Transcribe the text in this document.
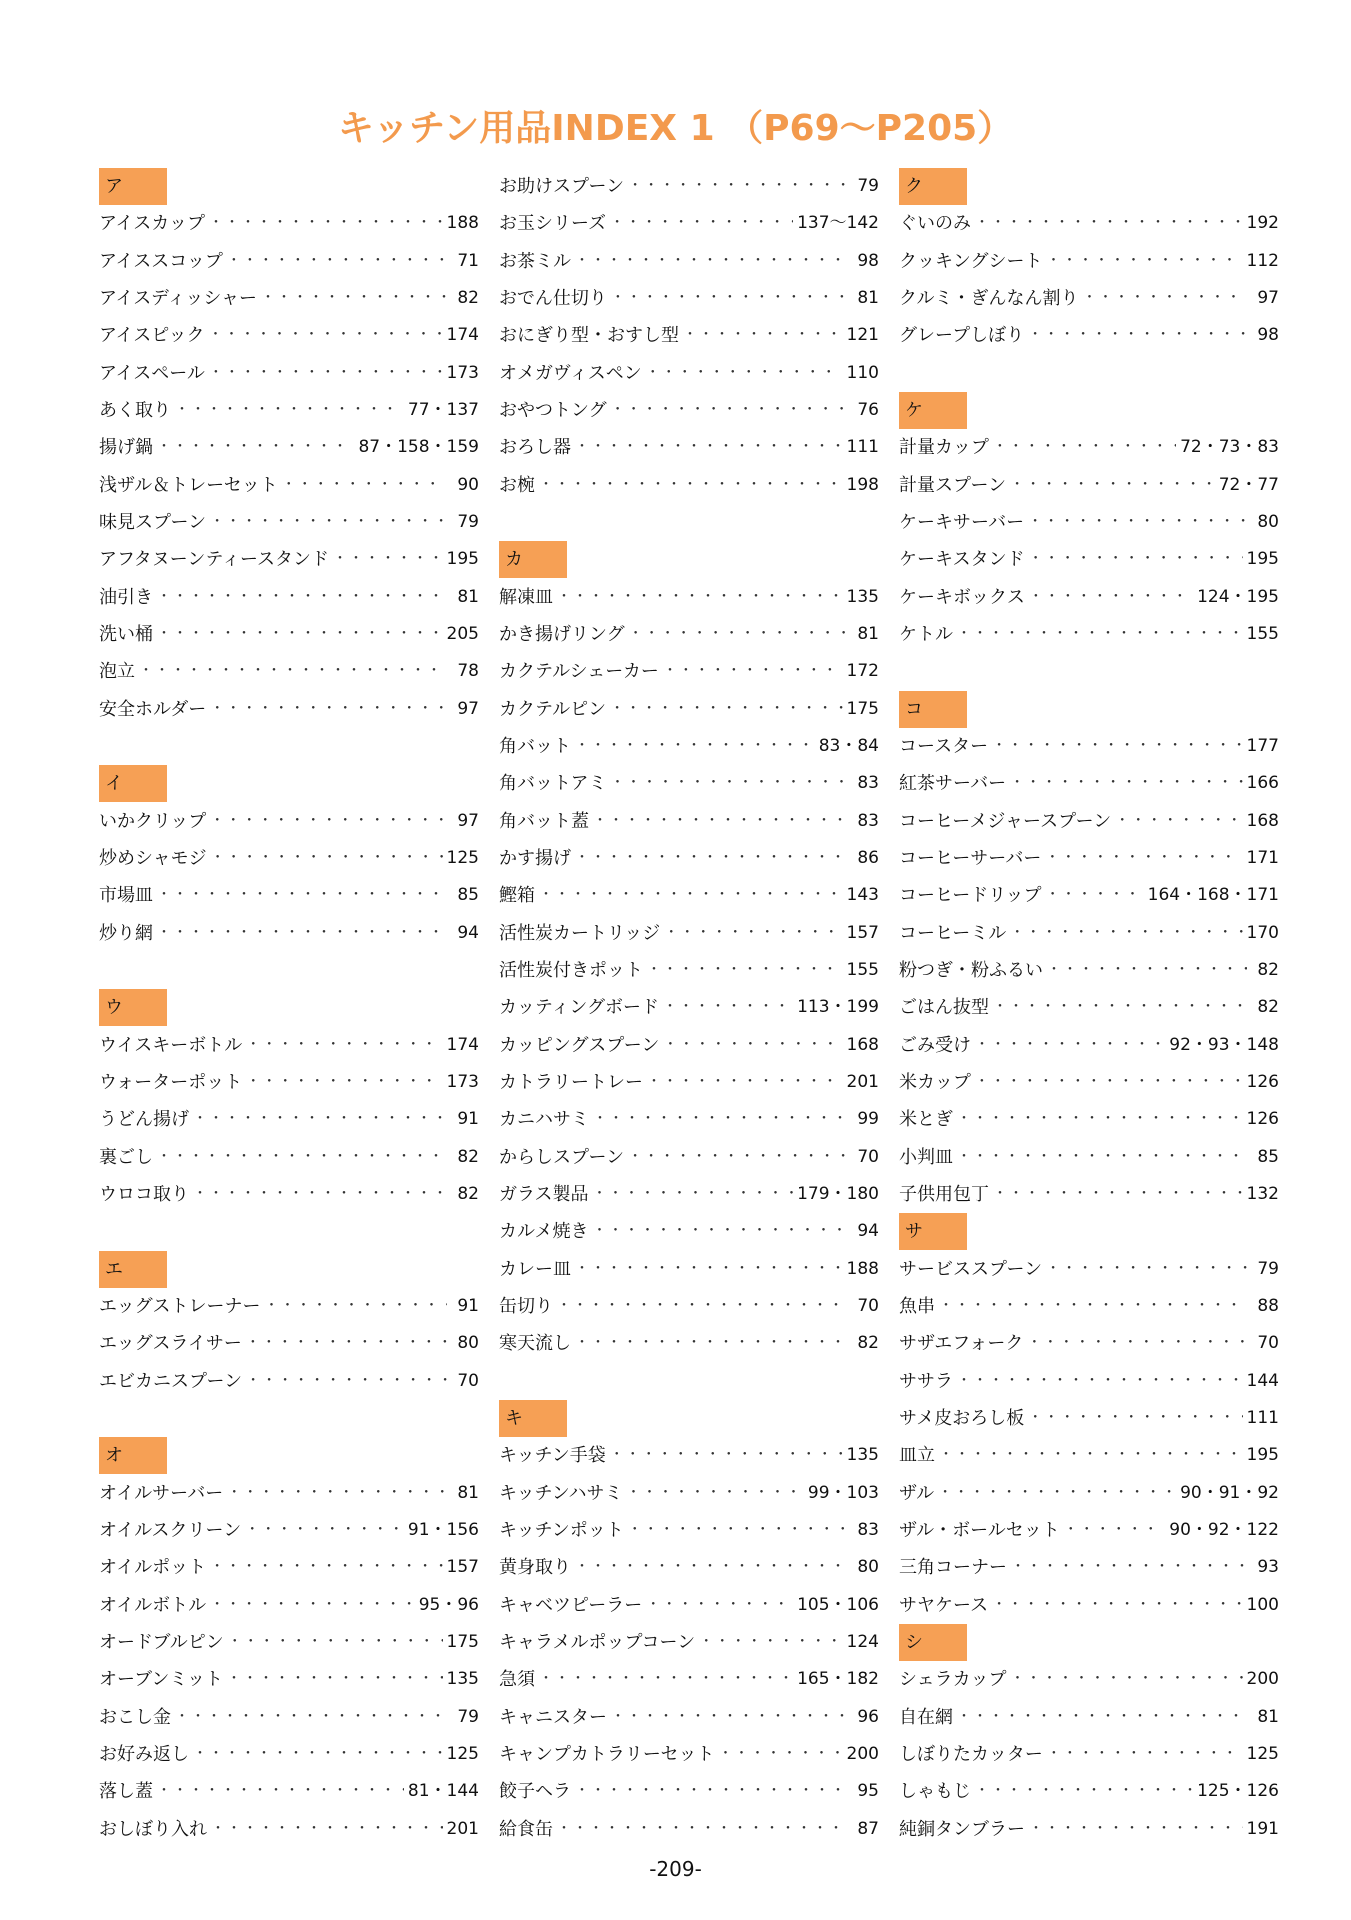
キッチン用品INDEX 1 （P69～P205）
ア
アイスカップ ・・・・・・・・・・・・・・・・・・・・・・・・・・・・・・・・・・・・・・・・・・・・・・・・・・・・・・・・・	188
アイススコップ ・・・・・・・・・・・・・・・・・・・・・・・・・・・・・・・・・・・・・・・・・・・・・・・・・・・・・・・・・	71
アイスディッシャー ・・・・・・・・・・・・・・・・・・・・・・・・・・・・・・・・・・・・・・・・・・・・・・・・・・・・・・・・・	82
アイスピック ・・・・・・・・・・・・・・・・・・・・・・・・・・・・・・・・・・・・・・・・・・・・・・・・・・・・・・・・・	174
アイスペール ・・・・・・・・・・・・・・・・・・・・・・・・・・・・・・・・・・・・・・・・・・・・・・・・・・・・・・・・・	173
あく取り ・・・・・・・・・・・・・・・・・・・・・・・・・・・・・・・・・・・・・・・・・・・・・・・・・・・・・・・・・	77・137
揚げ鍋 ・・・・・・・・・・・・・・・・・・・・・・・・・・・・・・・・・・・・・・・・・・・・・・・・・・・・・・・・・	87・158・159
浅ザル＆トレーセット ・・・・・・・・・・・・・・・・・・・・・・・・・・・・・・・・・・・・・・・・・・・・・・・・・・・・・・・・・	90
味見スプーン ・・・・・・・・・・・・・・・・・・・・・・・・・・・・・・・・・・・・・・・・・・・・・・・・・・・・・・・・・	79
アフタヌーンティースタンド ・・・・・・・・・・・・・・・・・・・・・・・・・・・・・・・・・・・・・・・・・・・・・・・・・・・・・・・・・	195
油引き ・・・・・・・・・・・・・・・・・・・・・・・・・・・・・・・・・・・・・・・・・・・・・・・・・・・・・・・・・	81
洗い桶 ・・・・・・・・・・・・・・・・・・・・・・・・・・・・・・・・・・・・・・・・・・・・・・・・・・・・・・・・・	205
泡立 ・・・・・・・・・・・・・・・・・・・・・・・・・・・・・・・・・・・・・・・・・・・・・・・・・・・・・・・・・	78
安全ホルダー ・・・・・・・・・・・・・・・・・・・・・・・・・・・・・・・・・・・・・・・・・・・・・・・・・・・・・・・・・	97
イ
いかクリップ ・・・・・・・・・・・・・・・・・・・・・・・・・・・・・・・・・・・・・・・・・・・・・・・・・・・・・・・・・	97
炒めシャモジ ・・・・・・・・・・・・・・・・・・・・・・・・・・・・・・・・・・・・・・・・・・・・・・・・・・・・・・・・・	125
市場皿 ・・・・・・・・・・・・・・・・・・・・・・・・・・・・・・・・・・・・・・・・・・・・・・・・・・・・・・・・・	85
炒り網 ・・・・・・・・・・・・・・・・・・・・・・・・・・・・・・・・・・・・・・・・・・・・・・・・・・・・・・・・・	94
ウ
ウイスキーボトル ・・・・・・・・・・・・・・・・・・・・・・・・・・・・・・・・・・・・・・・・・・・・・・・・・・・・・・・・・	174
ウォーターポット ・・・・・・・・・・・・・・・・・・・・・・・・・・・・・・・・・・・・・・・・・・・・・・・・・・・・・・・・・	173
うどん揚げ ・・・・・・・・・・・・・・・・・・・・・・・・・・・・・・・・・・・・・・・・・・・・・・・・・・・・・・・・・	91
裏ごし ・・・・・・・・・・・・・・・・・・・・・・・・・・・・・・・・・・・・・・・・・・・・・・・・・・・・・・・・・	82
ウロコ取り ・・・・・・・・・・・・・・・・・・・・・・・・・・・・・・・・・・・・・・・・・・・・・・・・・・・・・・・・・	82
エ
エッグストレーナー ・・・・・・・・・・・・・・・・・・・・・・・・・・・・・・・・・・・・・・・・・・・・・・・・・・・・・・・・・	91
エッグスライサー ・・・・・・・・・・・・・・・・・・・・・・・・・・・・・・・・・・・・・・・・・・・・・・・・・・・・・・・・・	80
エビカニスプーン ・・・・・・・・・・・・・・・・・・・・・・・・・・・・・・・・・・・・・・・・・・・・・・・・・・・・・・・・・	70
オ
オイルサーバー ・・・・・・・・・・・・・・・・・・・・・・・・・・・・・・・・・・・・・・・・・・・・・・・・・・・・・・・・・	81
オイルスクリーン ・・・・・・・・・・・・・・・・・・・・・・・・・・・・・・・・・・・・・・・・・・・・・・・・・・・・・・・・・	91・156
オイルポット ・・・・・・・・・・・・・・・・・・・・・・・・・・・・・・・・・・・・・・・・・・・・・・・・・・・・・・・・・	157
オイルボトル ・・・・・・・・・・・・・・・・・・・・・・・・・・・・・・・・・・・・・・・・・・・・・・・・・・・・・・・・・	95・96
オードブルピン ・・・・・・・・・・・・・・・・・・・・・・・・・・・・・・・・・・・・・・・・・・・・・・・・・・・・・・・・・	175
オーブンミット ・・・・・・・・・・・・・・・・・・・・・・・・・・・・・・・・・・・・・・・・・・・・・・・・・・・・・・・・・	135
おこし金 ・・・・・・・・・・・・・・・・・・・・・・・・・・・・・・・・・・・・・・・・・・・・・・・・・・・・・・・・・	79
お好み返し ・・・・・・・・・・・・・・・・・・・・・・・・・・・・・・・・・・・・・・・・・・・・・・・・・・・・・・・・・	125
落し蓋 ・・・・・・・・・・・・・・・・・・・・・・・・・・・・・・・・・・・・・・・・・・・・・・・・・・・・・・・・・	81・144
おしぼり入れ ・・・・・・・・・・・・・・・・・・・・・・・・・・・・・・・・・・・・・・・・・・・・・・・・・・・・・・・・・	201
お助けスプーン ・・・・・・・・・・・・・・・・・・・・・・・・・・・・・・・・・・・・・・・・・・・・・・・・・・・・・・・・・	79
お玉シリーズ ・・・・・・・・・・・・・・・・・・・・・・・・・・・・・・・・・・・・・・・・・・・・・・・・・・・・・・・・・	137～142
お茶ミル ・・・・・・・・・・・・・・・・・・・・・・・・・・・・・・・・・・・・・・・・・・・・・・・・・・・・・・・・・	98
おでん仕切り ・・・・・・・・・・・・・・・・・・・・・・・・・・・・・・・・・・・・・・・・・・・・・・・・・・・・・・・・・	81
おにぎり型・おすし型 ・・・・・・・・・・・・・・・・・・・・・・・・・・・・・・・・・・・・・・・・・・・・・・・・・・・・・・・・・	121
オメガヴィスペン ・・・・・・・・・・・・・・・・・・・・・・・・・・・・・・・・・・・・・・・・・・・・・・・・・・・・・・・・・	110
おやつトング ・・・・・・・・・・・・・・・・・・・・・・・・・・・・・・・・・・・・・・・・・・・・・・・・・・・・・・・・・	76
おろし器 ・・・・・・・・・・・・・・・・・・・・・・・・・・・・・・・・・・・・・・・・・・・・・・・・・・・・・・・・・	111
お椀 ・・・・・・・・・・・・・・・・・・・・・・・・・・・・・・・・・・・・・・・・・・・・・・・・・・・・・・・・・	198
カ
解凍皿 ・・・・・・・・・・・・・・・・・・・・・・・・・・・・・・・・・・・・・・・・・・・・・・・・・・・・・・・・・	135
かき揚げリング ・・・・・・・・・・・・・・・・・・・・・・・・・・・・・・・・・・・・・・・・・・・・・・・・・・・・・・・・・	81
カクテルシェーカー ・・・・・・・・・・・・・・・・・・・・・・・・・・・・・・・・・・・・・・・・・・・・・・・・・・・・・・・・・	172
カクテルピン ・・・・・・・・・・・・・・・・・・・・・・・・・・・・・・・・・・・・・・・・・・・・・・・・・・・・・・・・・	175
角バット ・・・・・・・・・・・・・・・・・・・・・・・・・・・・・・・・・・・・・・・・・・・・・・・・・・・・・・・・・	83・84
角バットアミ ・・・・・・・・・・・・・・・・・・・・・・・・・・・・・・・・・・・・・・・・・・・・・・・・・・・・・・・・・	83
角バット蓋 ・・・・・・・・・・・・・・・・・・・・・・・・・・・・・・・・・・・・・・・・・・・・・・・・・・・・・・・・・	83
かす揚げ ・・・・・・・・・・・・・・・・・・・・・・・・・・・・・・・・・・・・・・・・・・・・・・・・・・・・・・・・・	86
鰹箱 ・・・・・・・・・・・・・・・・・・・・・・・・・・・・・・・・・・・・・・・・・・・・・・・・・・・・・・・・・	143
活性炭カートリッジ ・・・・・・・・・・・・・・・・・・・・・・・・・・・・・・・・・・・・・・・・・・・・・・・・・・・・・・・・・	157
活性炭付きポット ・・・・・・・・・・・・・・・・・・・・・・・・・・・・・・・・・・・・・・・・・・・・・・・・・・・・・・・・・	155
カッティングボード ・・・・・・・・・・・・・・・・・・・・・・・・・・・・・・・・・・・・・・・・・・・・・・・・・・・・・・・・・	113・199
カッピングスプーン ・・・・・・・・・・・・・・・・・・・・・・・・・・・・・・・・・・・・・・・・・・・・・・・・・・・・・・・・・	168
カトラリートレー ・・・・・・・・・・・・・・・・・・・・・・・・・・・・・・・・・・・・・・・・・・・・・・・・・・・・・・・・・	201
カニハサミ ・・・・・・・・・・・・・・・・・・・・・・・・・・・・・・・・・・・・・・・・・・・・・・・・・・・・・・・・・	99
からしスプーン ・・・・・・・・・・・・・・・・・・・・・・・・・・・・・・・・・・・・・・・・・・・・・・・・・・・・・・・・・	70
ガラス製品 ・・・・・・・・・・・・・・・・・・・・・・・・・・・・・・・・・・・・・・・・・・・・・・・・・・・・・・・・・	179・180
カルメ焼き ・・・・・・・・・・・・・・・・・・・・・・・・・・・・・・・・・・・・・・・・・・・・・・・・・・・・・・・・・	94
カレー皿 ・・・・・・・・・・・・・・・・・・・・・・・・・・・・・・・・・・・・・・・・・・・・・・・・・・・・・・・・・	188
缶切り ・・・・・・・・・・・・・・・・・・・・・・・・・・・・・・・・・・・・・・・・・・・・・・・・・・・・・・・・・	70
寒天流し ・・・・・・・・・・・・・・・・・・・・・・・・・・・・・・・・・・・・・・・・・・・・・・・・・・・・・・・・・	82
キ
キッチン手袋 ・・・・・・・・・・・・・・・・・・・・・・・・・・・・・・・・・・・・・・・・・・・・・・・・・・・・・・・・・	135
キッチンハサミ ・・・・・・・・・・・・・・・・・・・・・・・・・・・・・・・・・・・・・・・・・・・・・・・・・・・・・・・・・	99・103
キッチンポット ・・・・・・・・・・・・・・・・・・・・・・・・・・・・・・・・・・・・・・・・・・・・・・・・・・・・・・・・・	83
黄身取り ・・・・・・・・・・・・・・・・・・・・・・・・・・・・・・・・・・・・・・・・・・・・・・・・・・・・・・・・・	80
キャベツピーラー ・・・・・・・・・・・・・・・・・・・・・・・・・・・・・・・・・・・・・・・・・・・・・・・・・・・・・・・・・	105・106
キャラメルポップコーン ・・・・・・・・・・・・・・・・・・・・・・・・・・・・・・・・・・・・・・・・・・・・・・・・・・・・・・・・・	124
急須 ・・・・・・・・・・・・・・・・・・・・・・・・・・・・・・・・・・・・・・・・・・・・・・・・・・・・・・・・・	165・182
キャニスター ・・・・・・・・・・・・・・・・・・・・・・・・・・・・・・・・・・・・・・・・・・・・・・・・・・・・・・・・・	96
キャンプカトラリーセット ・・・・・・・・・・・・・・・・・・・・・・・・・・・・・・・・・・・・・・・・・・・・・・・・・・・・・・・・・	200
餃子ヘラ ・・・・・・・・・・・・・・・・・・・・・・・・・・・・・・・・・・・・・・・・・・・・・・・・・・・・・・・・・	95
給食缶 ・・・・・・・・・・・・・・・・・・・・・・・・・・・・・・・・・・・・・・・・・・・・・・・・・・・・・・・・・	87
ク
ぐいのみ ・・・・・・・・・・・・・・・・・・・・・・・・・・・・・・・・・・・・・・・・・・・・・・・・・・・・・・・・・	192
クッキングシート ・・・・・・・・・・・・・・・・・・・・・・・・・・・・・・・・・・・・・・・・・・・・・・・・・・・・・・・・・	112
クルミ・ぎんなん割り ・・・・・・・・・・・・・・・・・・・・・・・・・・・・・・・・・・・・・・・・・・・・・・・・・・・・・・・・・	97
グレープしぼり ・・・・・・・・・・・・・・・・・・・・・・・・・・・・・・・・・・・・・・・・・・・・・・・・・・・・・・・・・	98
ケ
計量カップ ・・・・・・・・・・・・・・・・・・・・・・・・・・・・・・・・・・・・・・・・・・・・・・・・・・・・・・・・・	72・73・83
計量スプーン ・・・・・・・・・・・・・・・・・・・・・・・・・・・・・・・・・・・・・・・・・・・・・・・・・・・・・・・・・	72・77
ケーキサーバー ・・・・・・・・・・・・・・・・・・・・・・・・・・・・・・・・・・・・・・・・・・・・・・・・・・・・・・・・・	80
ケーキスタンド ・・・・・・・・・・・・・・・・・・・・・・・・・・・・・・・・・・・・・・・・・・・・・・・・・・・・・・・・・	195
ケーキボックス ・・・・・・・・・・・・・・・・・・・・・・・・・・・・・・・・・・・・・・・・・・・・・・・・・・・・・・・・・	124・195
ケトル ・・・・・・・・・・・・・・・・・・・・・・・・・・・・・・・・・・・・・・・・・・・・・・・・・・・・・・・・・	155
コ
コースター ・・・・・・・・・・・・・・・・・・・・・・・・・・・・・・・・・・・・・・・・・・・・・・・・・・・・・・・・・	177
紅茶サーバー ・・・・・・・・・・・・・・・・・・・・・・・・・・・・・・・・・・・・・・・・・・・・・・・・・・・・・・・・・	166
コーヒーメジャースプーン ・・・・・・・・・・・・・・・・・・・・・・・・・・・・・・・・・・・・・・・・・・・・・・・・・・・・・・・・・	168
コーヒーサーバー ・・・・・・・・・・・・・・・・・・・・・・・・・・・・・・・・・・・・・・・・・・・・・・・・・・・・・・・・・	171
コーヒードリップ ・・・・・・・・・・・・・・・・・・・・・・・・・・・・・・・・・・・・・・・・・・・・・・・・・・・・・・・・・	164・168・171
コーヒーミル ・・・・・・・・・・・・・・・・・・・・・・・・・・・・・・・・・・・・・・・・・・・・・・・・・・・・・・・・・	170
粉つぎ・粉ふるい ・・・・・・・・・・・・・・・・・・・・・・・・・・・・・・・・・・・・・・・・・・・・・・・・・・・・・・・・・	82
ごはん抜型 ・・・・・・・・・・・・・・・・・・・・・・・・・・・・・・・・・・・・・・・・・・・・・・・・・・・・・・・・・	82
ごみ受け ・・・・・・・・・・・・・・・・・・・・・・・・・・・・・・・・・・・・・・・・・・・・・・・・・・・・・・・・・	92・93・148
米カップ ・・・・・・・・・・・・・・・・・・・・・・・・・・・・・・・・・・・・・・・・・・・・・・・・・・・・・・・・・	126
米とぎ ・・・・・・・・・・・・・・・・・・・・・・・・・・・・・・・・・・・・・・・・・・・・・・・・・・・・・・・・・	126
小判皿 ・・・・・・・・・・・・・・・・・・・・・・・・・・・・・・・・・・・・・・・・・・・・・・・・・・・・・・・・・	85
子供用包丁 ・・・・・・・・・・・・・・・・・・・・・・・・・・・・・・・・・・・・・・・・・・・・・・・・・・・・・・・・・	132
サ
サービススプーン ・・・・・・・・・・・・・・・・・・・・・・・・・・・・・・・・・・・・・・・・・・・・・・・・・・・・・・・・・	79
魚串 ・・・・・・・・・・・・・・・・・・・・・・・・・・・・・・・・・・・・・・・・・・・・・・・・・・・・・・・・・	88
サザエフォーク ・・・・・・・・・・・・・・・・・・・・・・・・・・・・・・・・・・・・・・・・・・・・・・・・・・・・・・・・・	70
ササラ ・・・・・・・・・・・・・・・・・・・・・・・・・・・・・・・・・・・・・・・・・・・・・・・・・・・・・・・・・	144
サメ皮おろし板 ・・・・・・・・・・・・・・・・・・・・・・・・・・・・・・・・・・・・・・・・・・・・・・・・・・・・・・・・・	111
皿立 ・・・・・・・・・・・・・・・・・・・・・・・・・・・・・・・・・・・・・・・・・・・・・・・・・・・・・・・・・	195
ザル ・・・・・・・・・・・・・・・・・・・・・・・・・・・・・・・・・・・・・・・・・・・・・・・・・・・・・・・・・	90・91・92
ザル・ボールセット ・・・・・・・・・・・・・・・・・・・・・・・・・・・・・・・・・・・・・・・・・・・・・・・・・・・・・・・・・	90・92・122
三角コーナー ・・・・・・・・・・・・・・・・・・・・・・・・・・・・・・・・・・・・・・・・・・・・・・・・・・・・・・・・・	93
サヤケース ・・・・・・・・・・・・・・・・・・・・・・・・・・・・・・・・・・・・・・・・・・・・・・・・・・・・・・・・・	100
シ
シェラカップ ・・・・・・・・・・・・・・・・・・・・・・・・・・・・・・・・・・・・・・・・・・・・・・・・・・・・・・・・・	200
自在網 ・・・・・・・・・・・・・・・・・・・・・・・・・・・・・・・・・・・・・・・・・・・・・・・・・・・・・・・・・	81
しぼりたカッター ・・・・・・・・・・・・・・・・・・・・・・・・・・・・・・・・・・・・・・・・・・・・・・・・・・・・・・・・・	125
しゃもじ ・・・・・・・・・・・・・・・・・・・・・・・・・・・・・・・・・・・・・・・・・・・・・・・・・・・・・・・・・	125・126
純銅タンブラー ・・・・・・・・・・・・・・・・・・・・・・・・・・・・・・・・・・・・・・・・・・・・・・・・・・・・・・・・・	191
-209-
